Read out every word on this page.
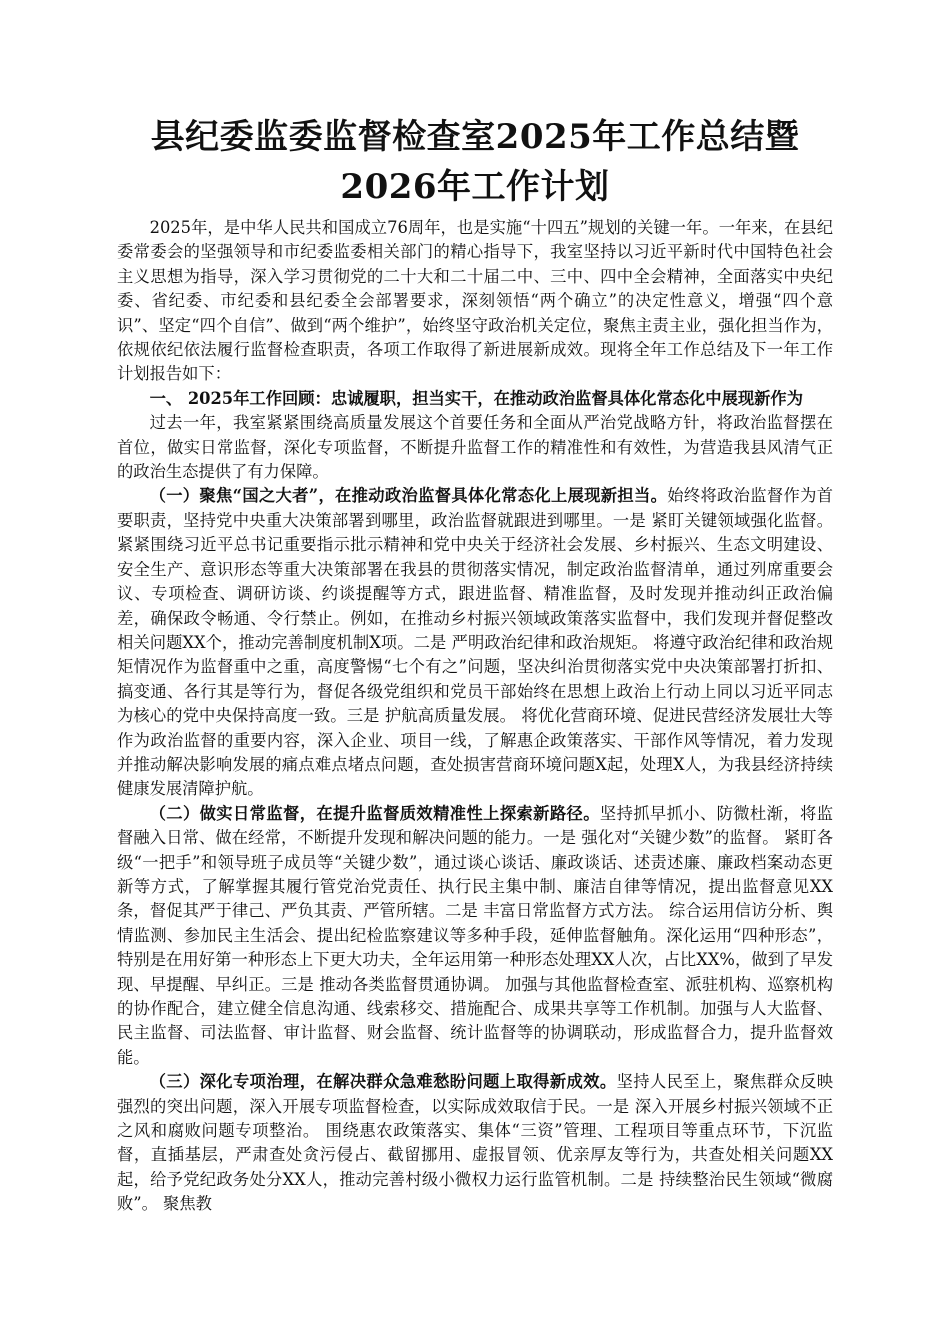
县纪委监委监督检查室2025年工作总结暨
2026年工作计划

2025年，是中华人民共和国成立76周年，也是实施“十四五”规划的关键一年。一年来，在县纪委常委会的坚强领导和市纪委监委相关部门的精心指导下，我室坚持以习近平新时代中国特色社会主义思想为指导，深入学习贯彻党的二十大和二十届二中、三中、四中全会精神，全面落实中央纪委、省纪委、市纪委和县纪委全会部署要求，深刻领悟“两个确立”的决定性意义，增强“四个意识”、坚定“四个自信”、做到“两个维护”，始终坚守政治机关定位，聚焦主责主业，强化担当作为，依规依纪依法履行监督检查职责，各项工作取得了新进展新成效。现将全年工作总结及下一年工作计划报告如下：

一、 2025年工作回顾：忠诚履职，担当实干，在推动政治监督具体化常态化中展现新作为

过去一年，我室紧紧围绕高质量发展这个首要任务和全面从严治党战略方针，将政治监督摆在首位，做实日常监督，深化专项监督，不断提升监督工作的精准性和有效性，为营造我县风清气正的政治生态提供了有力保障。

（一）聚焦“国之大者”，在推动政治监督具体化常态化上展现新担当。始终将政治监督作为首要职责，坚持党中央重大决策部署到哪里，政治监督就跟进到哪里。一是 紧盯关键领域强化监督。 紧紧围绕习近平总书记重要指示批示精神和党中央关于经济社会发展、乡村振兴、生态文明建设、安全生产、意识形态等重大决策部署在我县的贯彻落实情况，制定政治监督清单，通过列席重要会议、专项检查、调研访谈、约谈提醒等方式，跟进监督、精准监督，及时发现并推动纠正政治偏差，确保政令畅通、令行禁止。例如，在推动乡村振兴领域政策落实监督中，我们发现并督促整改相关问题XX个，推动完善制度机制X项。二是 严明政治纪律和政治规矩。 将遵守政治纪律和政治规矩情况作为监督重中之重，高度警惕“七个有之”问题，坚决纠治贯彻落实党中央决策部署打折扣、搞变通、各行其是等行为，督促各级党组织和党员干部始终在思想上政治上行动上同以习近平同志为核心的党中央保持高度一致。三是 护航高质量发展。 将优化营商环境、促进民营经济发展壮大等作为政治监督的重要内容，深入企业、项目一线，了解惠企政策落实、干部作风等情况，着力发现并推动解决影响发展的痛点难点堵点问题，查处损害营商环境问题X起，处理X人，为我县经济持续健康发展清障护航。

（二）做实日常监督，在提升监督质效精准性上探索新路径。坚持抓早抓小、防微杜渐，将监督融入日常、做在经常，不断提升发现和解决问题的能力。一是 强化对“关键少数”的监督。 紧盯各级“一把手”和领导班子成员等“关键少数”，通过谈心谈话、廉政谈话、述责述廉、廉政档案动态更新等方式，了解掌握其履行管党治党责任、执行民主集中制、廉洁自律等情况，提出监督意见XX条，督促其严于律己、严负其责、严管所辖。二是 丰富日常监督方式方法。 综合运用信访分析、舆情监测、参加民主生活会、提出纪检监察建议等多种手段，延伸监督触角。深化运用“四种形态”，特别是在用好第一种形态上下更大功夫，全年运用第一种形态处理XX人次，占比XX%，做到了早发现、早提醒、早纠正。三是 推动各类监督贯通协调。 加强与其他监督检查室、派驻机构、巡察机构的协作配合，建立健全信息沟通、线索移交、措施配合、成果共享等工作机制。加强与人大监督、民主监督、司法监督、审计监督、财会监督、统计监督等的协调联动，形成监督合力，提升监督效能。

（三）深化专项治理，在解决群众急难愁盼问题上取得新成效。坚持人民至上，聚焦群众反映强烈的突出问题，深入开展专项监督检查，以实际成效取信于民。一是 深入开展乡村振兴领域不正之风和腐败问题专项整治。 围绕惠农政策落实、集体“三资”管理、工程项目等重点环节，下沉监督，直插基层，严肃查处贪污侵占、截留挪用、虚报冒领、优亲厚友等行为，共查处相关问题XX起，给予党纪政务处分XX人，推动完善村级小微权力运行监管机制。二是 持续整治民生领域“微腐败”。 聚焦教
